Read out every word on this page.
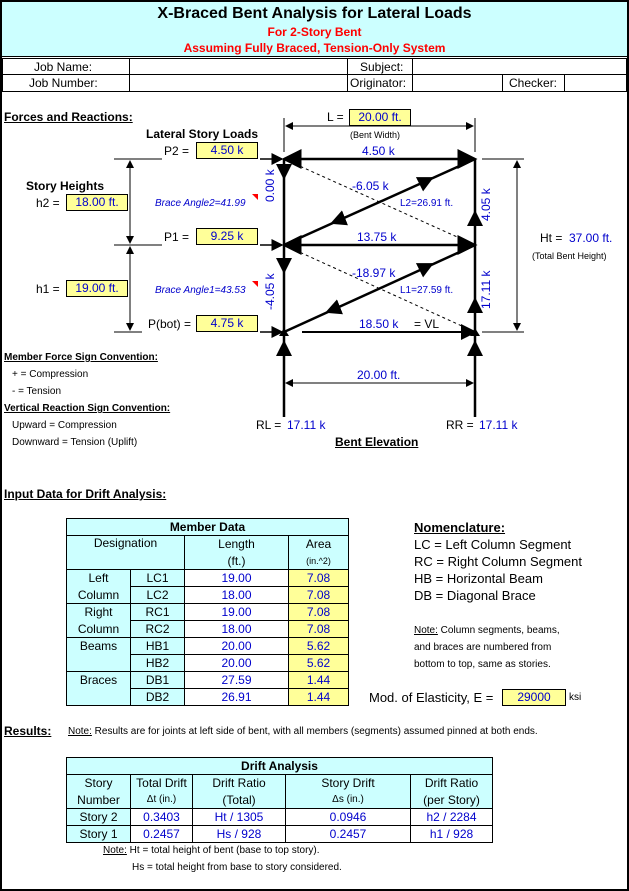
X-Braced Bent Analysis for Lateral Loads
For 2-Story Bent
Assuming Fully Braced, Tension-Only System
Job Name:	Subject:
Job Number:	Originator:	Checker:
Forces and Reactions:
Lateral Story Loads
Story Heights
L =	20.00 ft.
(Bent Width)
P2 =	4.50 k
P1 =	9.25 k
P(bot) =	4.75 k
h2 =	18.00 ft.
h1 =	19.00 ft.
Brace Angle2=41.99
Brace Angle1=43.53
4.50 k
13.75 k
18.50 k = VL
-6.05 k
-18.97 k
L2=26.91 ft.
L1=27.59 ft.
0.00 k
-4.05 k
4.05 k
17.11 k
Ht = 37.00 ft.
(Total Bent Height)
20.00 ft.
RL = 17.11 k	RR = 17.11 k
Bent Elevation
Member Force Sign Convention:
+ = Compression
- = Tension
Vertical Reaction Sign Convention:
Upward = Compression
Downward = Tension (Uplift)
Input Data for Drift Analysis:
Member Data			
Designation		Length	Area
		(ft.)	(in.^2)
Left	LC1	19.00	7.08
Column	LC2	18.00	7.08
Right	RC1	19.00	7.08
Column	RC2	18.00	7.08
Beams	HB1	20.00	5.62
	HB2	20.00	5.62
Braces	DB1	27.59	1.44
	DB2	26.91	1.44
Nomenclature:
LC = Left Column Segment
RC = Right Column Segment
HB = Horizontal Beam
DB = Diagonal Brace
Note: Column segments, beams,
and braces are numbered from
bottom to top, same as stories.
Mod. of Elasticity, E =	29000	ksi
Results: Note: Results are for joints at left side of bent, with all members (segments) assumed pinned at both ends.
Drift Analysis				
Story	Total Drift	Drift Ratio	Story Drift	Drift Ratio
Number	Δt (in.)	(Total)	Δs (in.)	(per Story)
Story 2	0.3403	Ht / 1305	0.0946	h2 / 2284
Story 1	0.2457	Hs / 928	0.2457	h1 / 928
Note: Ht = total height of bent (base to top story).
Hs = total height from base to story considered.
